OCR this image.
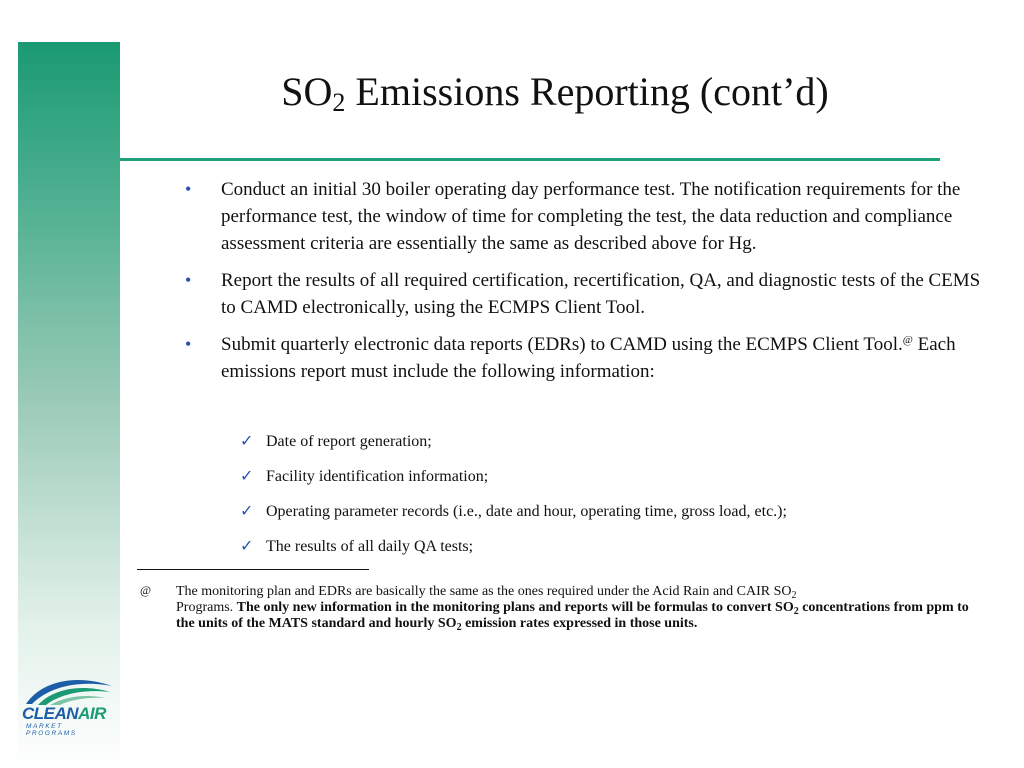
$SO_2$ Emissions Reporting (cont’d)
•	Conduct an initial 30 boiler operating day performance test. The notification requirements for the performance test, the window of time for completing the test, the data reduction and compliance assessment criteria are essentially the same as described above for Hg.
•	Report the results of all required certification, recertification, QA, and diagnostic tests of the CEMS to CAMD electronically, using the ECMPS Client Tool.
•	Submit quarterly electronic data reports (EDRs) to CAMD using the ECMPS Client Tool.@ Each emissions report must include the following information:
✓ Date of report generation;
✓ Facility identification information;
✓ Operating parameter records (i.e., date and hour, operating time, gross load, etc.);
✓ The results of all daily QA tests;
@	The monitoring plan and EDRs are basically the same as the ones required under the Acid Rain and CAIR $SO_2$
Programs. The only new information in the monitoring plans and reports will be formulas to convert $SO_2$ concentrations from ppm to the units of the MATS standard and hourly $SO_2$ emission rates expressed in those units.
CLEANAIR
MARKET PROGRAMS
